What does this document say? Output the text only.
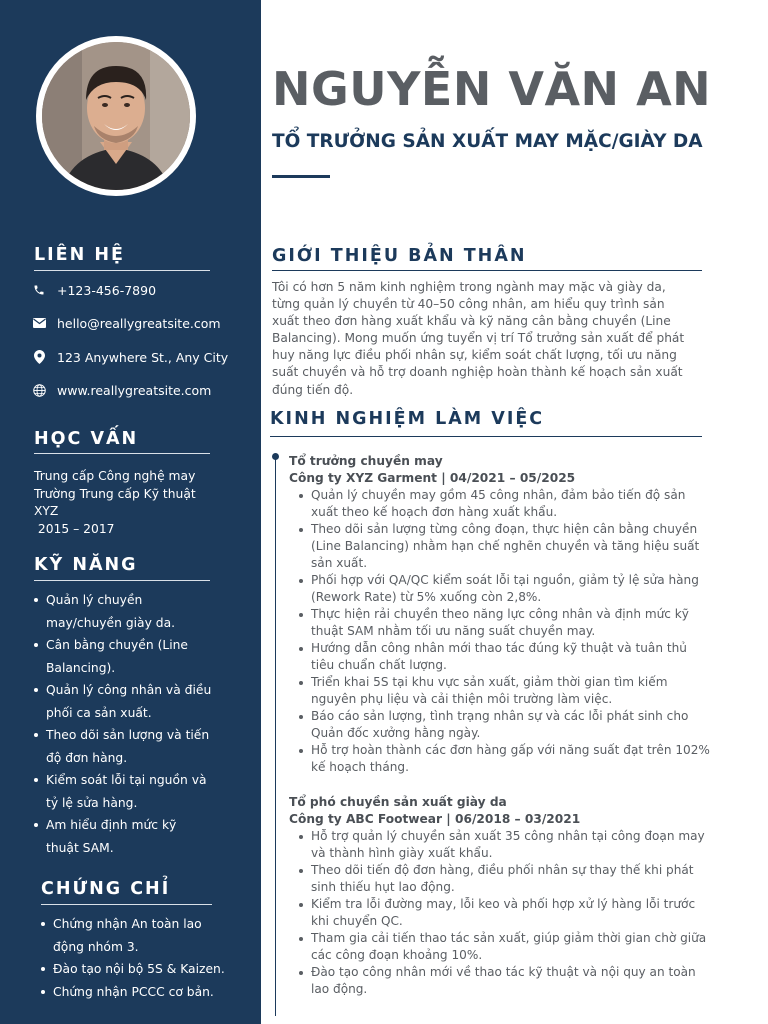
LIÊN HỆ
+123-456-7890
hello@reallygreatsite.com
123 Anywhere St., Any City
www.reallygreatsite.com
HỌC VẤN
Trung cấp Công nghệ may
Trường Trung cấp Kỹ thuật
XYZ
2015 – 2017
KỸ NĂNG
Quản lý chuyền
may/chuyền giày da.
Cân bằng chuyền (Line
Balancing).
Quản lý công nhân và điều
phối ca sản xuất.
Theo dõi sản lượng và tiến
độ đơn hàng.
Kiểm soát lỗi tại nguồn và
tỷ lệ sửa hàng.
Am hiểu định mức kỹ
thuật SAM.
CHỨNG CHỈ
Chứng nhận An toàn lao
động nhóm 3.
Đào tạo nội bộ 5S & Kaizen.
Chứng nhận PCCC cơ bản.
NGUYỄN VĂN AN
TỔ TRƯỞNG SẢN XUẤT MAY MẶC/GIÀY DA
GIỚI THIỆU BẢN THÂN
Tôi có hơn 5 năm kinh nghiệm trong ngành may mặc và giày da,
từng quản lý chuyền từ 40–50 công nhân, am hiểu quy trình sản
xuất theo đơn hàng xuất khẩu và kỹ năng cân bằng chuyền (Line
Balancing). Mong muốn ứng tuyển vị trí Tổ trưởng sản xuất để phát
huy năng lực điều phối nhân sự, kiểm soát chất lượng, tối ưu năng
suất chuyền và hỗ trợ doanh nghiệp hoàn thành kế hoạch sản xuất
đúng tiến độ.
KINH NGHIỆM LÀM VIỆC
Tổ trưởng chuyền may
Công ty XYZ Garment | 04/2021 – 05/2025
Quản lý chuyền may gồm 45 công nhân, đảm bảo tiến độ sản
xuất theo kế hoạch đơn hàng xuất khẩu.
Theo dõi sản lượng từng công đoạn, thực hiện cân bằng chuyền
(Line Balancing) nhằm hạn chế nghẽn chuyền và tăng hiệu suất
sản xuất.
Phối hợp với QA/QC kiểm soát lỗi tại nguồn, giảm tỷ lệ sửa hàng
(Rework Rate) từ 5% xuống còn 2,8%.
Thực hiện rải chuyền theo năng lực công nhân và định mức kỹ
thuật SAM nhằm tối ưu năng suất chuyền may.
Hướng dẫn công nhân mới thao tác đúng kỹ thuật và tuân thủ
tiêu chuẩn chất lượng.
Triển khai 5S tại khu vực sản xuất, giảm thời gian tìm kiếm
nguyên phụ liệu và cải thiện môi trường làm việc.
Báo cáo sản lượng, tình trạng nhân sự và các lỗi phát sinh cho
Quản đốc xưởng hằng ngày.
Hỗ trợ hoàn thành các đơn hàng gấp với năng suất đạt trên 102%
kế hoạch tháng.
Tổ phó chuyền sản xuất giày da
Công ty ABC Footwear | 06/2018 – 03/2021
Hỗ trợ quản lý chuyền sản xuất 35 công nhân tại công đoạn may
và thành hình giày xuất khẩu.
Theo dõi tiến độ đơn hàng, điều phối nhân sự thay thế khi phát
sinh thiếu hụt lao động.
Kiểm tra lỗi đường may, lỗi keo và phối hợp xử lý hàng lỗi trước
khi chuyển QC.
Tham gia cải tiến thao tác sản xuất, giúp giảm thời gian chờ giữa
các công đoạn khoảng 10%.
Đào tạo công nhân mới về thao tác kỹ thuật và nội quy an toàn
lao động.
